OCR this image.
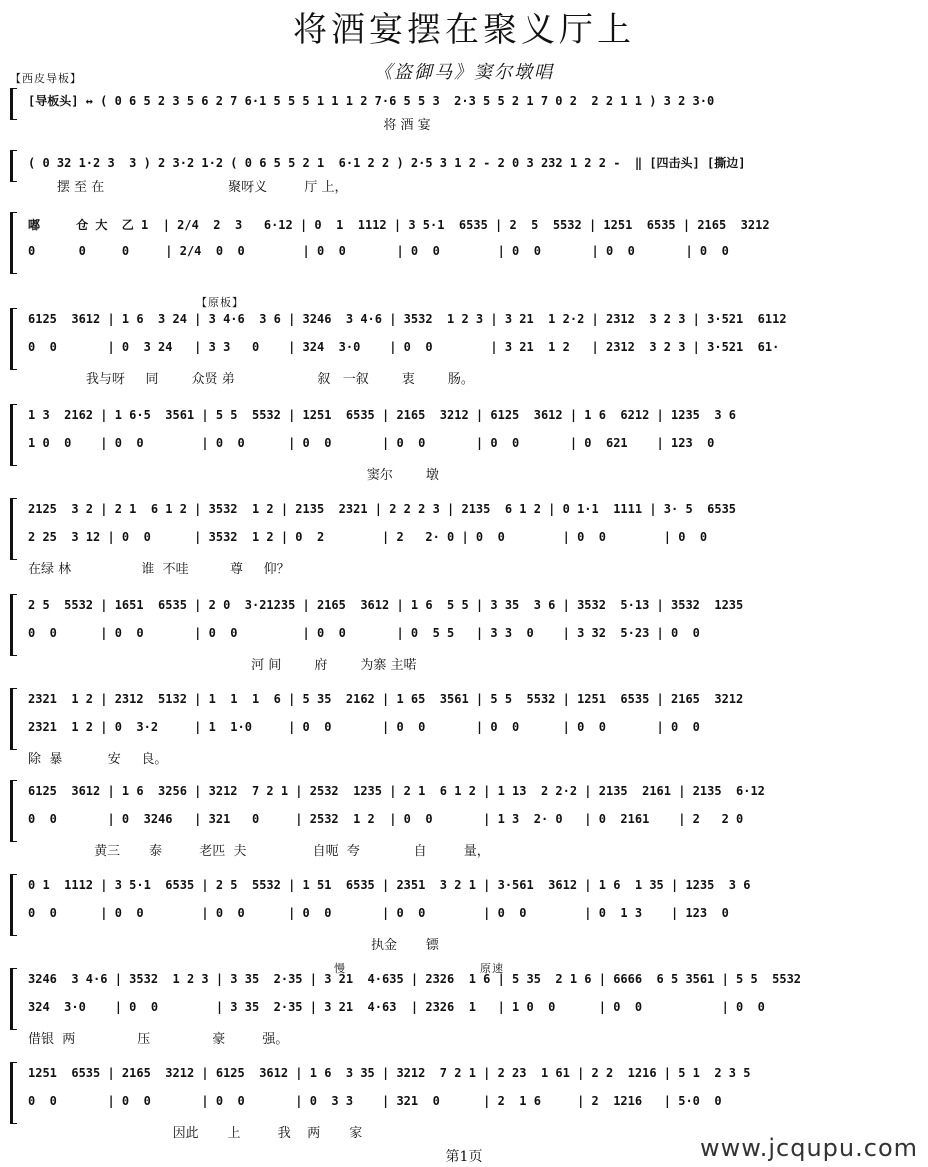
将酒宴摆在聚义厅上
《盗御马》窦尔墩唱
【西皮导板】
【原板】
慢	原速
[导板头] ↔ ( 0 6 5 2 3 5 6 2 7 6·1 5 5 5 1 1 1 2 7·6 5 5 3  2·3 5 5 2 1 7 0 2  2 2 1 1 ) 3 2 3·0
将 酒 宴
( 0 32 1·2 3  3 ) 2 3·2 1·2 ( 0 6 5 5 2 1  6·1 2 2 ) 2·5 3 1 2 - 2 0 3 232 1 2 2 -  ‖ [四击头] [撕边]
摆 至 在                              聚呀义         厅 上，
嘟     仓 大  乙 1  | 2/4  2  3   6·12 | 0  1  1112 | 3 5·1  6535 | 2  5  5532 | 1251  6535 | 2165  3212
0      0     0     | 2/4  0  0        | 0  0       | 0  0        | 0  0       | 0  0       | 0  0
6125  3612 | 1 6  3 24 | 3 4·6  3 6 | 3246  3 4·6 | 3532  1 2 3 | 3 21  1 2·2 | 2312  3 2 3 | 3·521  6112
0  0       | 0  3 24   | 3 3   0    | 324  3·0    | 0  0        | 3 21  1 2   | 2312  3 2 3 | 3·521  61·
我与呀     同        众贤 弟                    叙   一叙        衷        肠。
1 3  2162 | 1 6·5  3561 | 5 5  5532 | 1251  6535 | 2165  3212 | 6125  3612 | 1 6  6212 | 1235  3 6
1 0  0    | 0  0        | 0  0      | 0  0       | 0  0       | 0  0       | 0  621    | 123  0
窦尔        墩
2125  3 2 | 2 1  6 1 2 | 3532  1 2 | 2135  2321 | 2 2 2 3 | 2135  6 1 2 | 0 1·1  1111 | 3· 5  6535
2 25  3 12 | 0  0      | 3532  1 2 | 0  2        | 2   2· 0 | 0  0        | 0  0        | 0  0
在绿 林                 谁  不哇          尊     仰？
2 5  5532 | 1651  6535 | 2 0  3·21235 | 2165  3612 | 1 6  5 5 | 3 35  3 6 | 3532  5·13 | 3532  1235
0  0      | 0  0       | 0  0         | 0  0       | 0  5 5   | 3 3  0    | 3 32  5·23 | 0  0
河 间        府        为寨 主喏
2321  1 2 | 2312  5132 | 1  1  1  6 | 5 35  2162 | 1 65  3561 | 5 5  5532 | 1251  6535 | 2165  3212
2321  1 2 | 0  3·2     | 1  1·0     | 0  0       | 0  0       | 0  0      | 0  0       | 0  0
除  暴           安     良。
6125  3612 | 1 6  3256 | 3212  7 2 1 | 2532  1235 | 2 1  6 1 2 | 1 13  2 2·2 | 2135  2161 | 2135  6·12
0  0       | 0  3246   | 321   0     | 2532  1 2  | 0  0       | 1 3  2· 0   | 0  2161    | 2   2 0
黄三       泰         老匹  夫                自呃  夸             自         量，
0 1  1112 | 3 5·1  6535 | 2 5  5532 | 1 51  6535 | 2351  3 2 1 | 3·561  3612 | 1 6  1 35 | 1235  3 6
0  0      | 0  0        | 0  0      | 0  0       | 0  0        | 0  0        | 0  1 3    | 123  0
执金       镖
3246  3 4·6 | 3532  1 2 3 | 3 35  2·35 | 3 21  4·635 | 2326  1 6 | 5 35  2 1 6 | 6666  6 5 3561 | 5 5  5532
324  3·0    | 0  0        | 3 35  2·35 | 3 21  4·63  | 2326  1   | 1 0  0      | 0  0           | 0  0
借银  两               压               豪         强。
1251  6535 | 2165  3212 | 6125  3612 | 1 6  3 35 | 3212  7 2 1 | 2 23  1 61 | 2 2  1216 | 5 1  2 3 5
0  0       | 0  0       | 0  0       | 0  3 3    | 321  0      | 2  1 6     | 2  1216   | 5·0  0
因此       上         我    两       家
第1页	www.jcqupu.com
